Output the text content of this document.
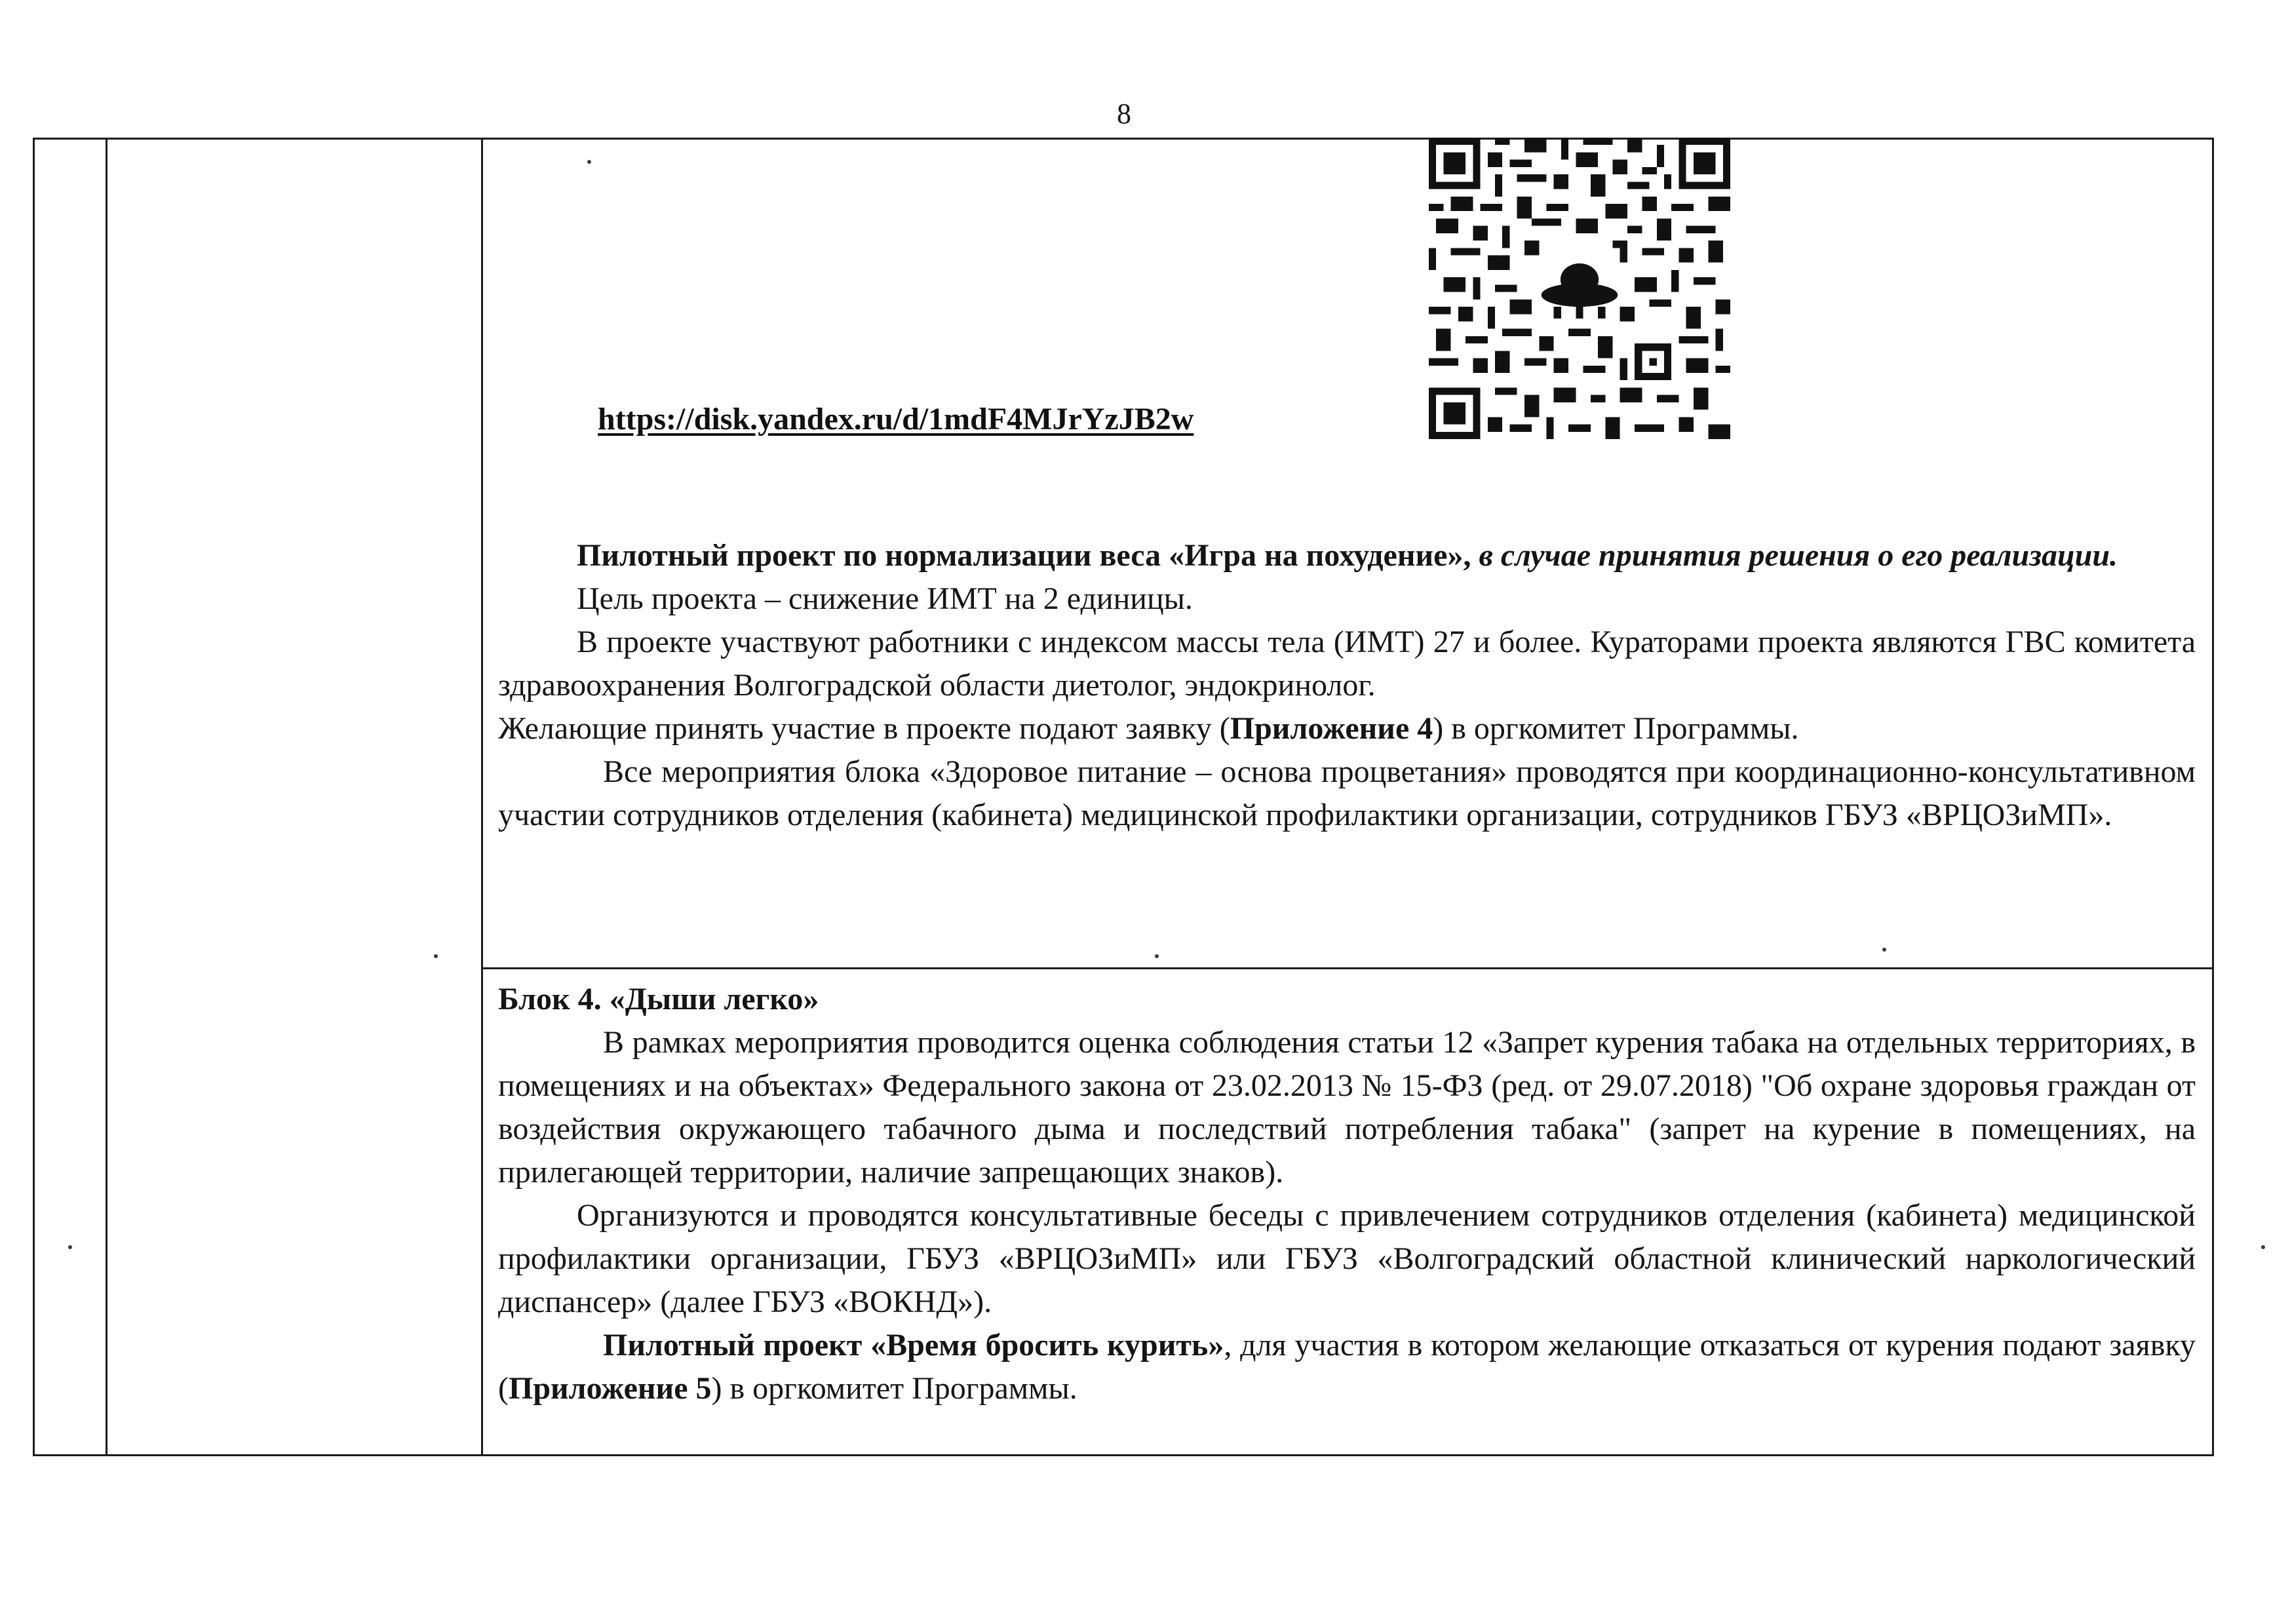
8
https://disk.yandex.ru/d/1mdF4MJrYzJB2w

Пилотный проект по нормализации веса «Игра на похудение», в случае принятия решения о его реализации.

Цель проекта – снижение ИМТ на 2 единицы.

В проекте участвуют работники с индексом массы тела (ИМТ) 27 и более. Кураторами проекта являются ГВС комитета здравоохранения Волгоградской области диетолог, эндокринолог.

Желающие принять участие в проекте подают заявку (Приложение 4) в оргкомитет Программы.

Все мероприятия блока «Здоровое питание – основа процветания» проводятся при координационно-консультативном участии сотрудников отделения (кабинета) медицинской профилактики организации, сотрудников ГБУЗ «ВРЦОЗиМП».

Блок 4. «Дыши легко»

В рамках мероприятия проводится оценка соблюдения статьи 12 «Запрет курения табака на отдельных территориях, в помещениях и на объектах» Федерального закона от 23.02.2013 № 15-ФЗ (ред. от 29.07.2018) "Об охране здоровья граждан от воздействия окружающего табачного дыма и последствий потребления табака" (запрет на курение в помещениях, на прилегающей территории, наличие запрещающих знаков).

Организуются и проводятся консультативные беседы с привлечением сотрудников отделения (кабинета) медицинской профилактики организации, ГБУЗ «ВРЦОЗиМП» или ГБУЗ «Волгоградский областной клинический наркологический диспансер» (далее ГБУЗ «ВОКНД»).

Пилотный проект «Время бросить курить», для участия в котором желающие отказаться от курения подают заявку (Приложение 5) в оргкомитет Программы.
